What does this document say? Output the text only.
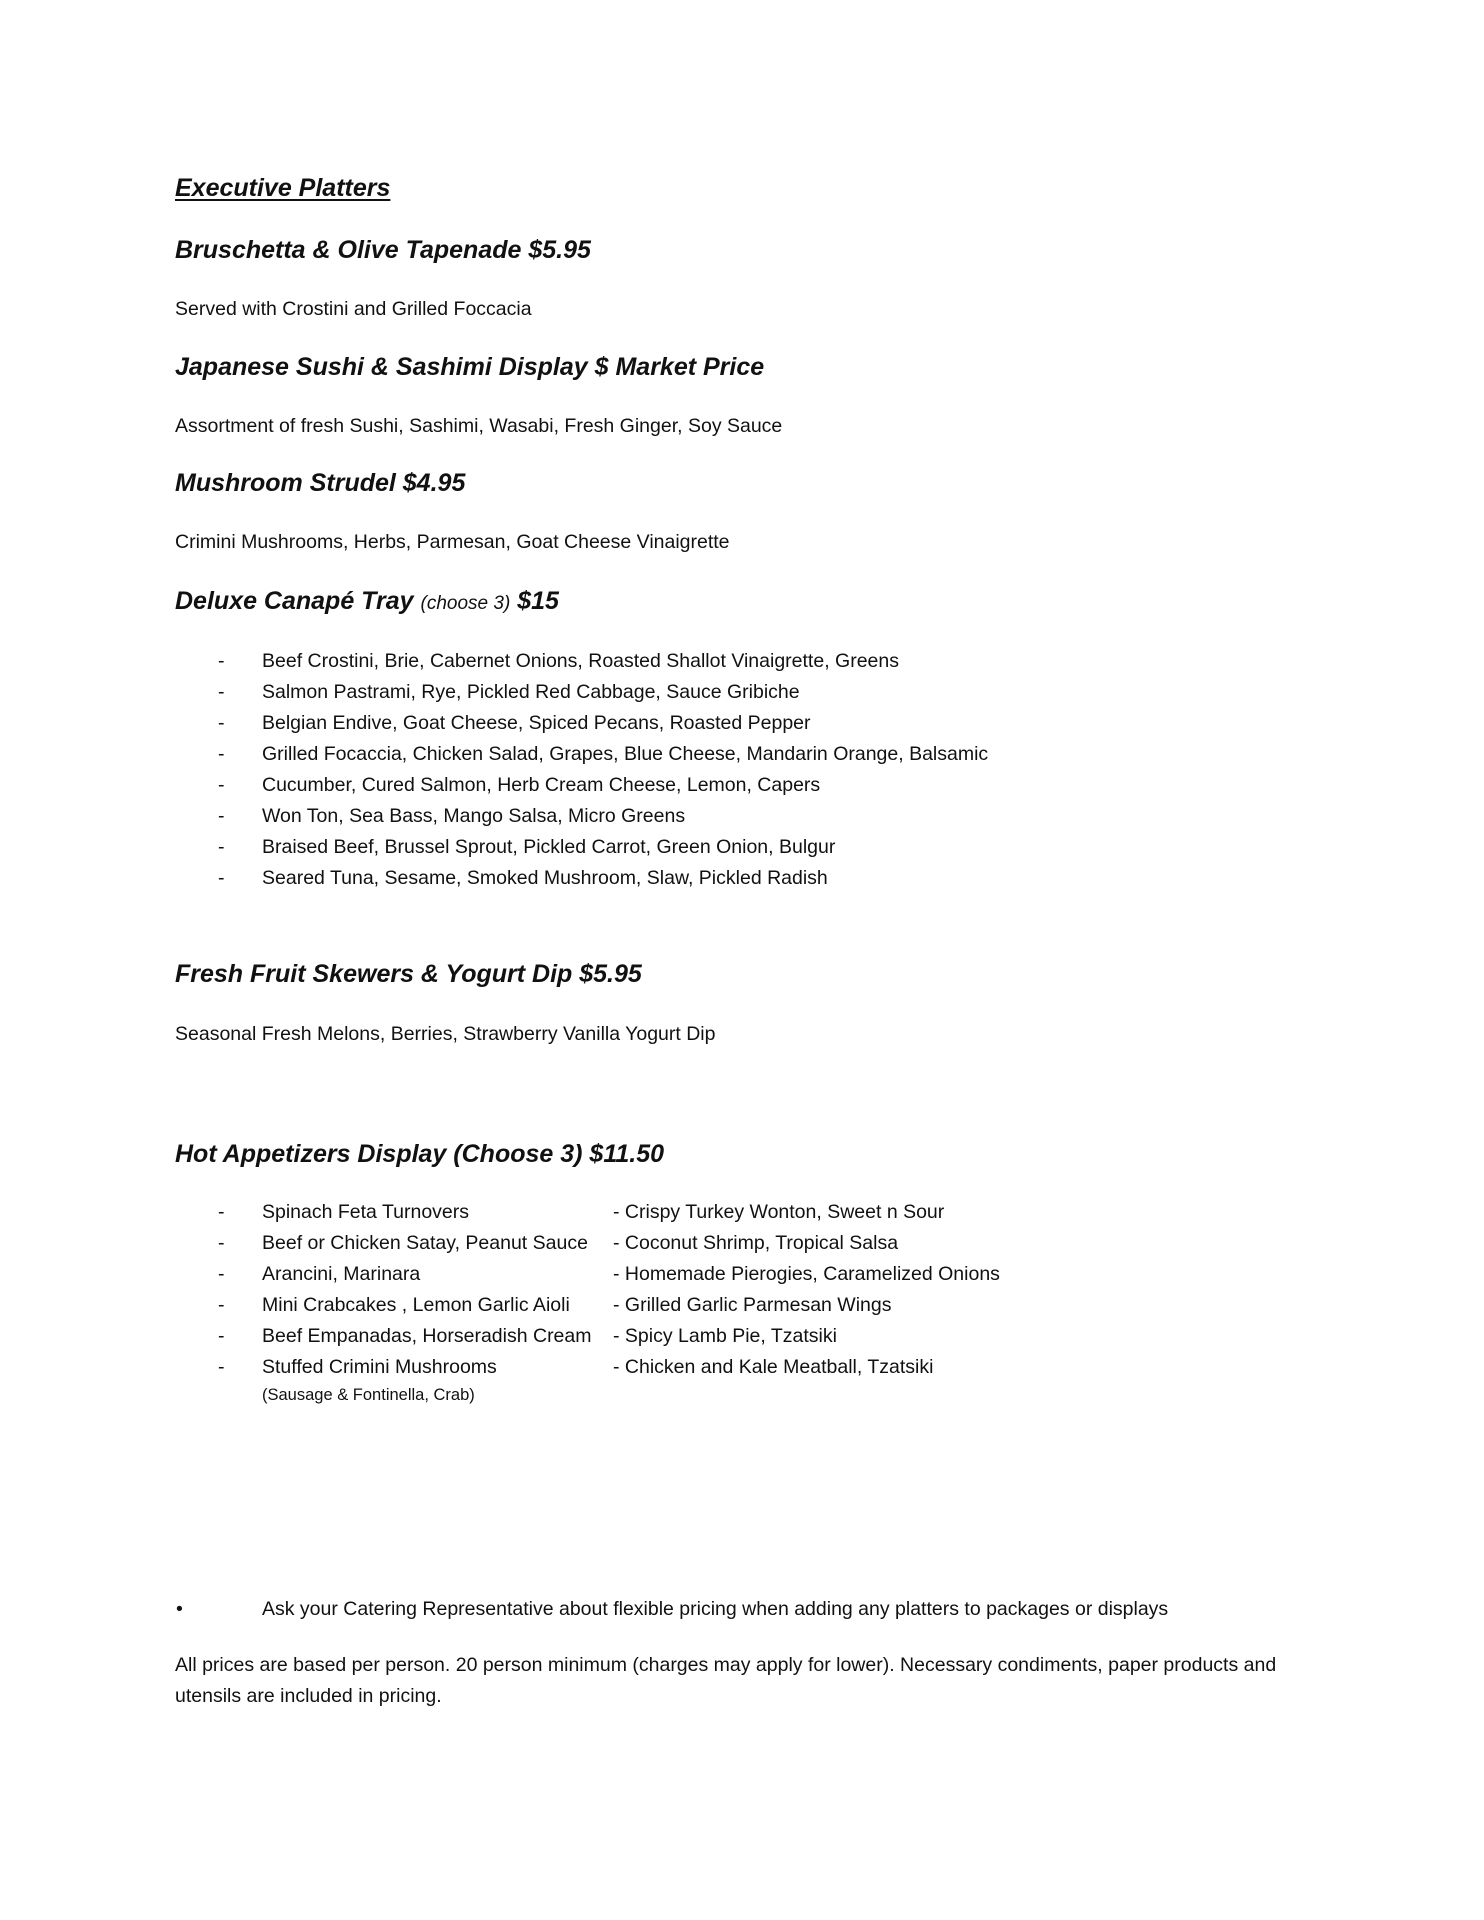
Executive Platters
Bruschetta & Olive Tapenade $5.95
Served with Crostini and Grilled Foccacia
Japanese Sushi & Sashimi Display $ Market Price
Assortment of fresh Sushi, Sashimi, Wasabi, Fresh Ginger, Soy Sauce
Mushroom Strudel $4.95
Crimini Mushrooms, Herbs, Parmesan, Goat Cheese Vinaigrette
Deluxe Canapé Tray (choose 3) $15
- Beef Crostini, Brie, Cabernet Onions, Roasted Shallot Vinaigrette, Greens
- Salmon Pastrami, Rye, Pickled Red Cabbage, Sauce Gribiche
- Belgian Endive, Goat Cheese, Spiced Pecans, Roasted Pepper
- Grilled Focaccia, Chicken Salad, Grapes, Blue Cheese, Mandarin Orange, Balsamic
- Cucumber, Cured Salmon, Herb Cream Cheese, Lemon, Capers
- Won Ton, Sea Bass, Mango Salsa, Micro Greens
- Braised Beef, Brussel Sprout, Pickled Carrot, Green Onion, Bulgur
- Seared Tuna, Sesame, Smoked Mushroom, Slaw, Pickled Radish
Fresh Fruit Skewers & Yogurt Dip $5.95
Seasonal Fresh Melons, Berries, Strawberry Vanilla Yogurt Dip
Hot Appetizers Display (Choose 3) $11.50
- Spinach Feta Turnovers
- Beef or Chicken Satay, Peanut Sauce
- Arancini, Marinara
- Mini Crabcakes , Lemon Garlic Aioli
- Beef Empanadas, Horseradish Cream
- Stuffed Crimini Mushrooms
(Sausage & Fontinella, Crab)
- Crispy Turkey Wonton, Sweet n Sour
- Coconut Shrimp, Tropical Salsa
- Homemade Pierogies, Caramelized Onions
- Grilled Garlic Parmesan Wings
- Spicy Lamb Pie, Tzatsiki
- Chicken and Kale Meatball, Tzatsiki
•	Ask your Catering Representative about flexible pricing when adding any platters to packages or displays
All prices are based per person. 20 person minimum (charges may apply for lower). Necessary condiments, paper products and
utensils are included in pricing.
